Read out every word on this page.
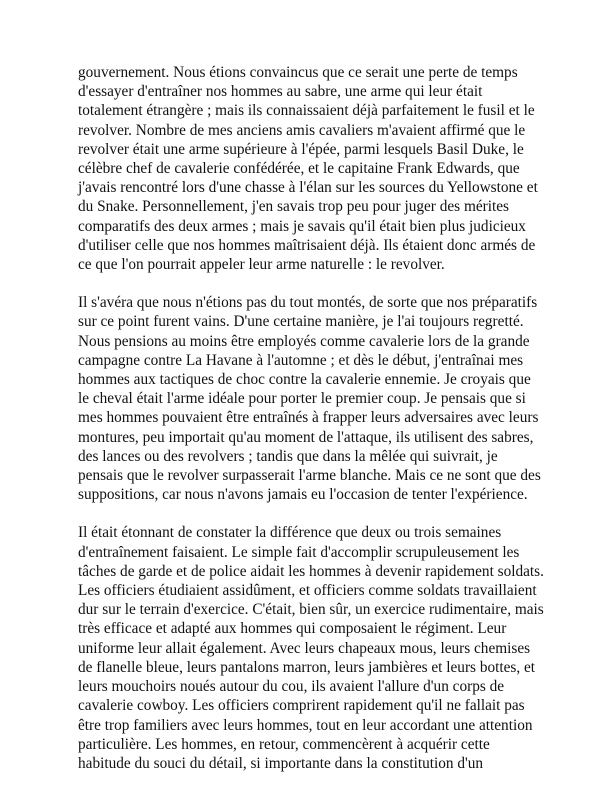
gouvernement. Nous étions convaincus que ce serait une perte de temps
d'essayer d'entraîner nos hommes au sabre, une arme qui leur était
totalement étrangère ; mais ils connaissaient déjà parfaitement le fusil et le
revolver. Nombre de mes anciens amis cavaliers m'avaient affirmé que le
revolver était une arme supérieure à l'épée, parmi lesquels Basil Duke, le
célèbre chef de cavalerie confédérée, et le capitaine Frank Edwards, que
j'avais rencontré lors d'une chasse à l'élan sur les sources du Yellowstone et
du Snake. Personnellement, j'en savais trop peu pour juger des mérites
comparatifs des deux armes ; mais je savais qu'il était bien plus judicieux
d'utiliser celle que nos hommes maîtrisaient déjà. Ils étaient donc armés de
ce que l'on pourrait appeler leur arme naturelle : le revolver.

Il s'avéra que nous n'étions pas du tout montés, de sorte que nos préparatifs
sur ce point furent vains. D'une certaine manière, je l'ai toujours regretté.
Nous pensions au moins être employés comme cavalerie lors de la grande
campagne contre La Havane à l'automne ; et dès le début, j'entraînai mes
hommes aux tactiques de choc contre la cavalerie ennemie. Je croyais que
le cheval était l'arme idéale pour porter le premier coup. Je pensais que si
mes hommes pouvaient être entraînés à frapper leurs adversaires avec leurs
montures, peu importait qu'au moment de l'attaque, ils utilisent des sabres,
des lances ou des revolvers ; tandis que dans la mêlée qui suivrait, je
pensais que le revolver surpasserait l'arme blanche. Mais ce ne sont que des
suppositions, car nous n'avons jamais eu l'occasion de tenter l'expérience.

Il était étonnant de constater la différence que deux ou trois semaines
d'entraînement faisaient. Le simple fait d'accomplir scrupuleusement les
tâches de garde et de police aidait les hommes à devenir rapidement soldats.
Les officiers étudiaient assidûment, et officiers comme soldats travaillaient
dur sur le terrain d'exercice. C'était, bien sûr, un exercice rudimentaire, mais
très efficace et adapté aux hommes qui composaient le régiment. Leur
uniforme leur allait également. Avec leurs chapeaux mous, leurs chemises
de flanelle bleue, leurs pantalons marron, leurs jambières et leurs bottes, et
leurs mouchoirs noués autour du cou, ils avaient l'allure d'un corps de
cavalerie cowboy. Les officiers comprirent rapidement qu'il ne fallait pas
être trop familiers avec leurs hommes, tout en leur accordant une attention
particulière. Les hommes, en retour, commencèrent à acquérir cette
habitude du souci du détail, si importante dans la constitution d'un
